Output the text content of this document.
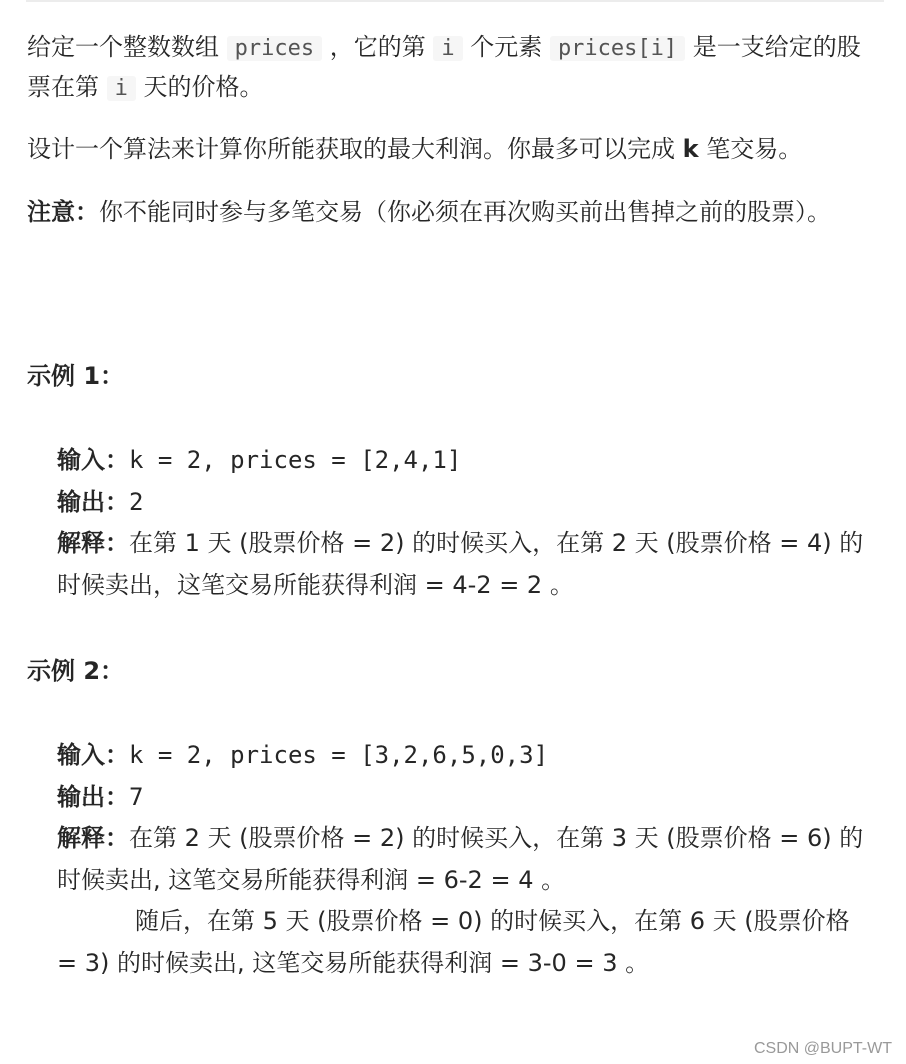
给定一个整数数组 prices ，它的第 i 个元素 prices[i] 是一支给定的股票在第 i 天的价格。

设计一个算法来计算你所能获取的最大利润。你最多可以完成 k 笔交易。

注意：你不能同时参与多笔交易（你必须在再次购买前出售掉之前的股票）。

示例 1：
输入：k = 2, prices = [2,4,1]
输出：2
解释：在第 1 天 (股票价格 = 2) 的时候买入，在第 2 天 (股票价格 = 4) 的时候卖出，这笔交易所能获得利润 = 4-2 = 2 。
示例 2：
输入：k = 2, prices = [3,2,6,5,0,3]
输出：7
解释：在第 2 天 (股票价格 = 2) 的时候买入，在第 3 天 (股票价格 = 6) 的时候卖出, 这笔交易所能获得利润 = 6-2 = 4 。
随后，在第 5 天 (股票价格 = 0) 的时候买入，在第 6 天 (股票价格 = 3) 的时候卖出, 这笔交易所能获得利润 = 3-0 = 3 。
CSDN @BUPT-WT
